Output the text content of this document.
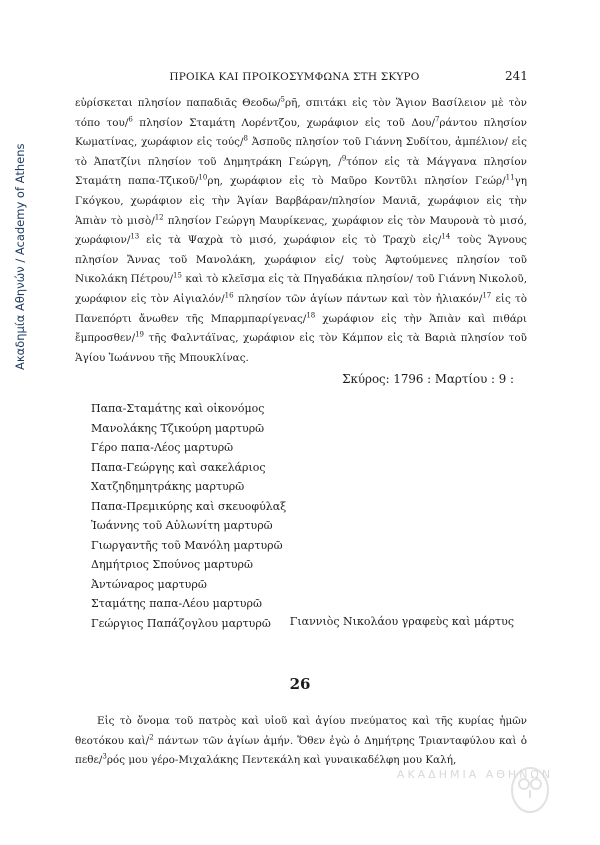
Ακαδημία Αθηνών / Academy of Athens
ΠΡΟΙΚΑ ΚΑΙ ΠΡΟΙΚΟΣΥΜΦΩΝΑ ΣΤΗ ΣΚΥΡΟ	241
εὑρίσκεται πλησίον παπαδιᾶς Θεοδω/$^5$ρῆ, σπιτάκι εἰς τὸν Ἅγιον Βασίλειον μὲ τὸν τόπο του/$^6$ πλησίον Σταμάτη Λορέντζου, χωράφιον εἰς τοῦ Δου/$^7$ράντου πλησίον Κωματίνας, χωράφιον εἰς τούς/$^8$ Ἀσποῦς πλησίον τοῦ Γιάννη Συδίτου, ἀμπέλιον/ εἰς τὸ Ἀπατζίνι πλησίον τοῦ Δημητράκη Γεώργη, /$^9$τόπον εἰς τὰ Μάγγανα πλησίον Σταμάτη παπα-Τζικοῦ/$^{10}$ρη, χωράφιον εἰς τὸ Μαῦρο Κοντῦλι πλησίον Γεώρ/$^{11}$γη Γκόγκου, χωράφιον εἰς τὴν Ἁγίαν Βαρβάραν/πλησίον Μανιᾶ, χωράφιον εἰς τὴν Ἁπιὰν τὸ μισὸ/$^{12}$ πλησίον Γεώργη Μαυρίκενας, χωράφιον εἰς τὸν Μαυρονὰ τὸ μισό, χωράφιον/$^{13}$ εἰς τὰ Ψαχρὰ τὸ μισό, χωράφιον εἰς τὸ Τραχὺ εἰς/$^{14}$ τοὺς Ἅγνους πλησίον Ἄννας τοῦ Μανολάκη, χωράφιον εἰς/ τοὺς Ἀφτούμενες πλησίον τοῦ Νικολάκη Πέτρου/$^{15}$ καὶ τὸ κλεῖσμα εἰς τὰ Πηγαδάκια πλησίον/ τοῦ Γιάννη Νικολοῦ, χωράφιον εἰς τὸν Αἰγιαλόν/$^{16}$ πλησίον τῶν ἁγίων πάντων καὶ τὸν ἠλιακόν/$^{17}$ εἰς τὸ Πανεπόρτι ἄνωθεν τῆς Μπαρμπαρίγενας/$^{18}$ χωράφιον εἰς τὴν Ἁπιὰν καὶ πιθάρι ἔμπροσθεν/$^{19}$ τῆς Φαλντάϊνας, χωράφιον εἰς τὸν Κάμπον εἰς τὰ Βαριὰ πλησίον τοῦ Ἁγίου Ἰωάννου τῆς Μπουκλίνας.
Σκύρος: 1796 : Μαρτίου : 9 :
Παπα-Σταμάτης καὶ οἰκονόμος
Μανολάκης Τζικούρη μαρτυρῶ
Γέρο παπα-Λέος μαρτυρῶ
Παπα-Γεώργης καὶ σακελάριος
Χατζηδημητράκης μαρτυρῶ
Παπα-Πρεμικύρης καὶ σκευοφύλαξ
Ἰωάννης τοῦ Αὐλωνίτη μαρτυρῶ
Γιωργαντῆς τοῦ Μανόλη μαρτυρῶ
Δημήτριος Σπούνος μαρτυρῶ
Ἀντώναρος μαρτυρῶ
Σταμάτης παπα-Λέου μαρτυρῶ
Γεώργιος Παπάζογλου μαρτυρῶ	Γιαννιὸς Νικολάου γραφεὺς καὶ μάρτυς
26

Εἰς τὸ ὄνομα τοῦ πατρὸς καὶ υἱοῦ καὶ ἁγίου πνεύματος καὶ τῆς κυρίας ἡμῶν θεοτόκου καὶ/$^2$ πάντων τῶν ἁγίων ἀμήν. Ὅθεν ἐγὼ ὁ Δημήτρης Τριανταφύλου καὶ ὁ πεθε/$^3$ρός μου γέρο-Μιχαλάκης Πεντεκάλη καὶ γυναικαδέλφη μου Καλή,

ΑΚΑΔΗΜΙΑ ΑΘΗΝΩΝ
